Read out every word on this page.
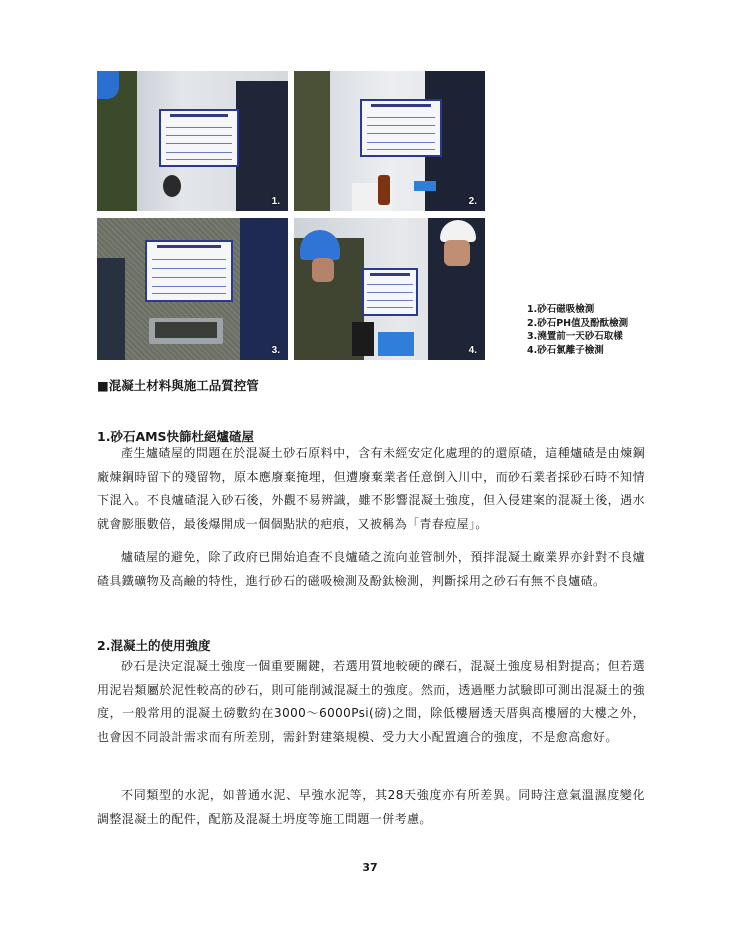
1.	2.
3.	4.
1.砂石磁吸檢測
2.砂石PH值及酚酞檢測
3.澆置前一天砂石取樣
4.砂石氯離子檢測
■混凝土材料與施工品質控管
1.砂石AMS快篩杜絕爐碴屋
產生爐碴屋的問題在於混凝土砂石原料中，含有未經安定化處理的的還原碴，這種爐碴是由煉鋼廠煉鋼時留下的殘留物，原本應廢棄掩埋，但遭廢棄業者任意倒入川中，而砂石業者採砂石時不知情下混入。不良爐碴混入砂石後，外觀不易辨識，雖不影響混凝土強度，但入侵建案的混凝土後，遇水就會膨脹數倍，最後爆開成一個個點狀的疤痕，又被稱為「青春痘屋」。
爐碴屋的避免，除了政府已開始追查不良爐碴之流向並管制外，預拌混凝土廠業界亦針對不良爐碴具鐵礦物及高鹼的特性，進行砂石的磁吸檢測及酚鈦檢測，判斷採用之砂石有無不良爐碴。
2.混凝土的使用強度
砂石是決定混凝土強度一個重要關鍵，若選用質地較硬的礫石，混凝土強度易相對提高；但若選用泥岩類屬於泥性較高的砂石，則可能削減混凝土的強度。然而，透過壓力試驗即可測出混凝土的強度，一般常用的混凝土磅數約在3000～6000Psi(磅)之間，除低樓層透天厝與高樓層的大樓之外，也會因不同設計需求而有所差別，需針對建築規模、受力大小配置適合的強度，不是愈高愈好。
不同類型的水泥，如普通水泥、早強水泥等，其28天強度亦有所差異。同時注意氣溫濕度變化調整混凝土的配件，配筋及混凝土坍度等施工問題一併考慮。
37
